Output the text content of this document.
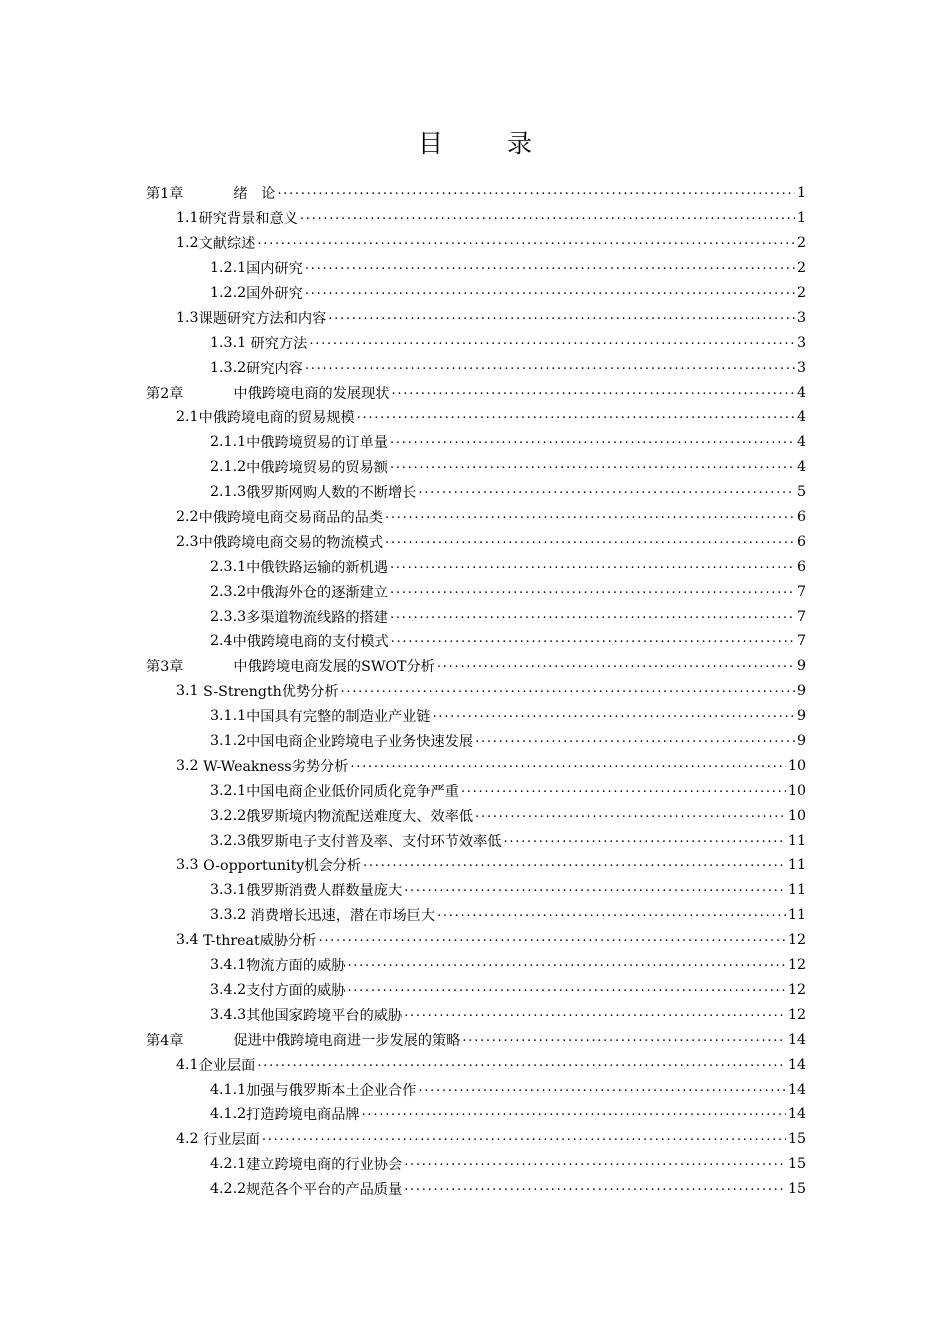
目 录
第1章	绪   论 . . .	1
1.1 研究背景和意义 . . .	1
1.2 文献综述 . . .	2
1.2.1 国内研究 . . .	2
1.2.2 国外研究 . . .	2
1.3 课题研究方法和内容 . . .	3
1.3.1 研究方法 . . .	3
1.3.2 研究内容 . . .	3
第2章	中俄跨境电商的发展现状 . . .	4
2.1 中俄跨境电商的贸易规模 . . .	4
2.1.1 中俄跨境贸易的订单量 . . .	4
2.1.2 中俄跨境贸易的贸易额 . . .	4
2.1.3 俄罗斯网购人数的不断增长 . . .	5
2.2 中俄跨境电商交易商品的品类 . . .	6
2.3 中俄跨境电商交易的物流模式 . . .	6
2.3.1 中俄铁路运输的新机遇 . . .	6
2.3.2 中俄海外仓的逐渐建立 . . .	7
2.3.3 多渠道物流线路的搭建 . . .	7
2.4 中俄跨境电商的支付模式 . . .	7
第3章	中俄跨境电商发展的SWOT分析 . . .	9
3.1 S-Strength优势分析 . . .	9
3.1.1 中国具有完整的制造业产业链 . . .	9
3.1.2 中国电商企业跨境电子业务快速发展 . . .	9
3.2 W-Weakness劣势分析 . . .	10
3.2.1 中国电商企业低价同质化竞争严重 . . .	10
3.2.2 俄罗斯境内物流配送难度大、效率低 . . .	10
3.2.3 俄罗斯电子支付普及率、支付环节效率低 . . .	11
3.3 O-opportunity机会分析 . . .	11
3.3.1 俄罗斯消费人群数量庞大 . . .	11
3.3.2 消费增长迅速，潜在市场巨大 . . .	11
3.4 T-threat威胁分析 . . .	12
3.4.1 物流方面的威胁 . . .	12
3.4.2 支付方面的威胁 . . .	12
3.4.3 其他国家跨境平台的威胁 . . .	12
第4章	促进中俄跨境电商进一步发展的策略 . . .	14
4.1 企业层面 . . .	14
4.1.1 加强与俄罗斯本土企业合作 . . .	14
4.1.2 打造跨境电商品牌 . . .	14
4.2 行业层面 . . .	15
4.2.1 建立跨境电商的行业协会 . . .	15
4.2.2 规范各个平台的产品质量 . . .	15
